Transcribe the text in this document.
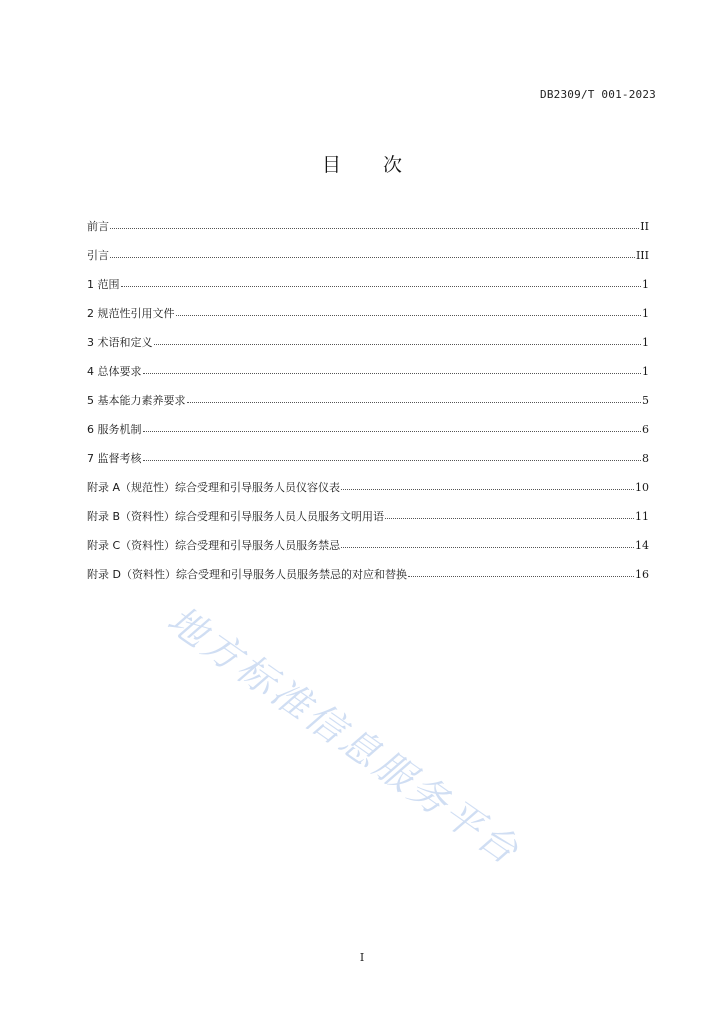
DB2309/T 001-2023
目 次
前言	II
引言	III
1 范围	1
2 规范性引用文件	1
3 术语和定义	1
4 总体要求	1
5 基本能力素养要求	5
6 服务机制	6
7 监督考核	8
附录 A（规范性）综合受理和引导服务人员仪容仪表	10
附录 B（资料性）综合受理和引导服务人员人员服务文明用语	11
附录 C（资料性）综合受理和引导服务人员服务禁忌	14
附录 D（资料性）综合受理和引导服务人员服务禁忌的对应和替换	16
地方标准信息服务平台
I
